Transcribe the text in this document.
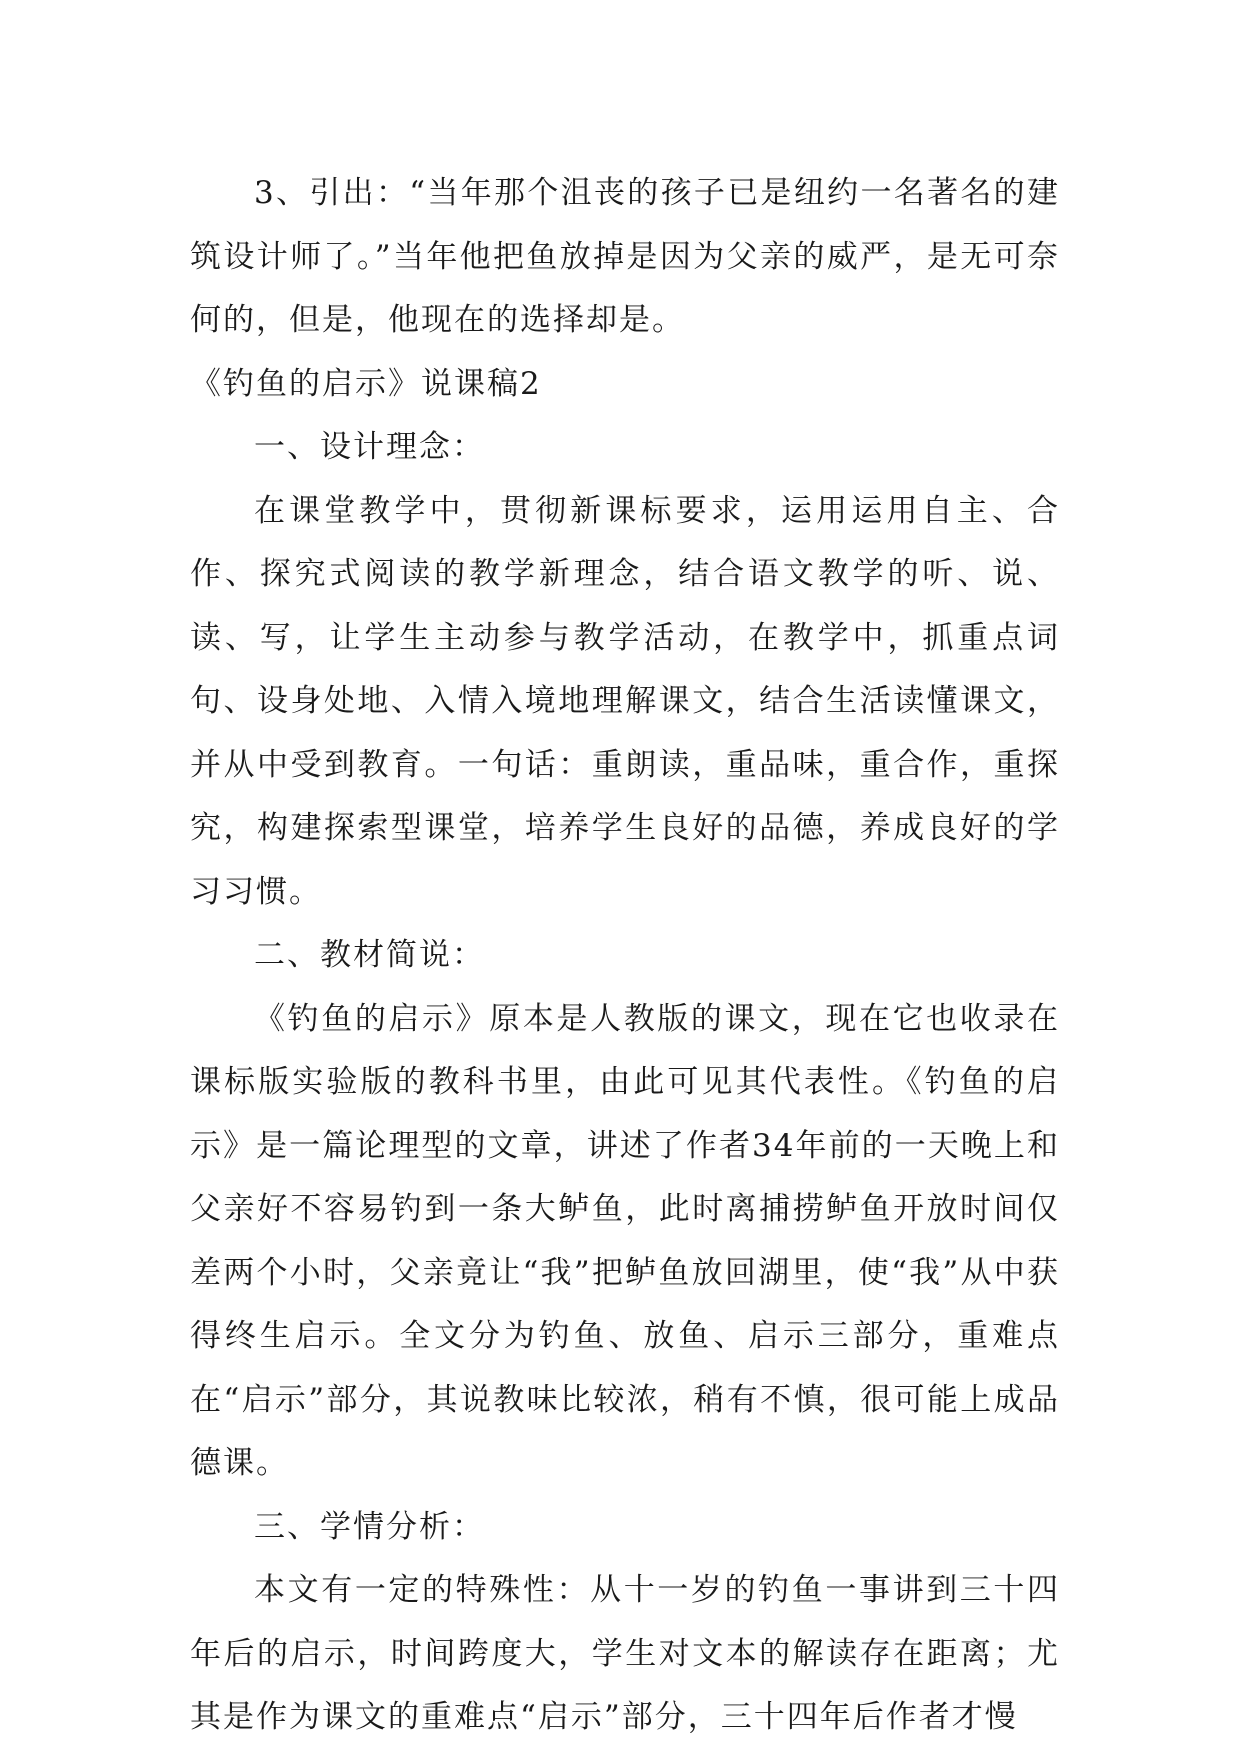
3、引出：“当年那个沮丧的孩子已是纽约一名著名的建筑设计师了。”当年他把鱼放掉是因为父亲的威严，是无可奈何的，但是，他现在的选择却是。

《钓鱼的启示》说课稿2

一、设计理念：

在课堂教学中，贯彻新课标要求，运用运用自主、合作、探究式阅读的教学新理念，结合语文教学的听、说、读、写，让学生主动参与教学活动，在教学中，抓重点词句、设身处地、入情入境地理解课文，结合生活读懂课文，并从中受到教育。一句话：重朗读，重品味，重合作，重探究，构建探索型课堂，培养学生良好的品德，养成良好的学习习惯。

二、教材简说：

《钓鱼的启示》原本是人教版的课文，现在它也收录在课标版实验版的教科书里，由此可见其代表性。《钓鱼的启示》是一篇论理型的文章，讲述了作者34年前的一天晚上和父亲好不容易钓到一条大鲈鱼，此时离捕捞鲈鱼开放时间仅差两个小时，父亲竟让“我”把鲈鱼放回湖里，使“我”从中获得终生启示。全文分为钓鱼、放鱼、启示三部分，重难点在“启示”部分，其说教味比较浓，稍有不慎，很可能上成品德课。

三、学情分析：

本文有一定的特殊性：从十一岁的钓鱼一事讲到三十四年后的启示，时间跨度大，学生对文本的解读存在距离；尤其是作为课文的重难点“启示”部分，三十四年后作者才慢
